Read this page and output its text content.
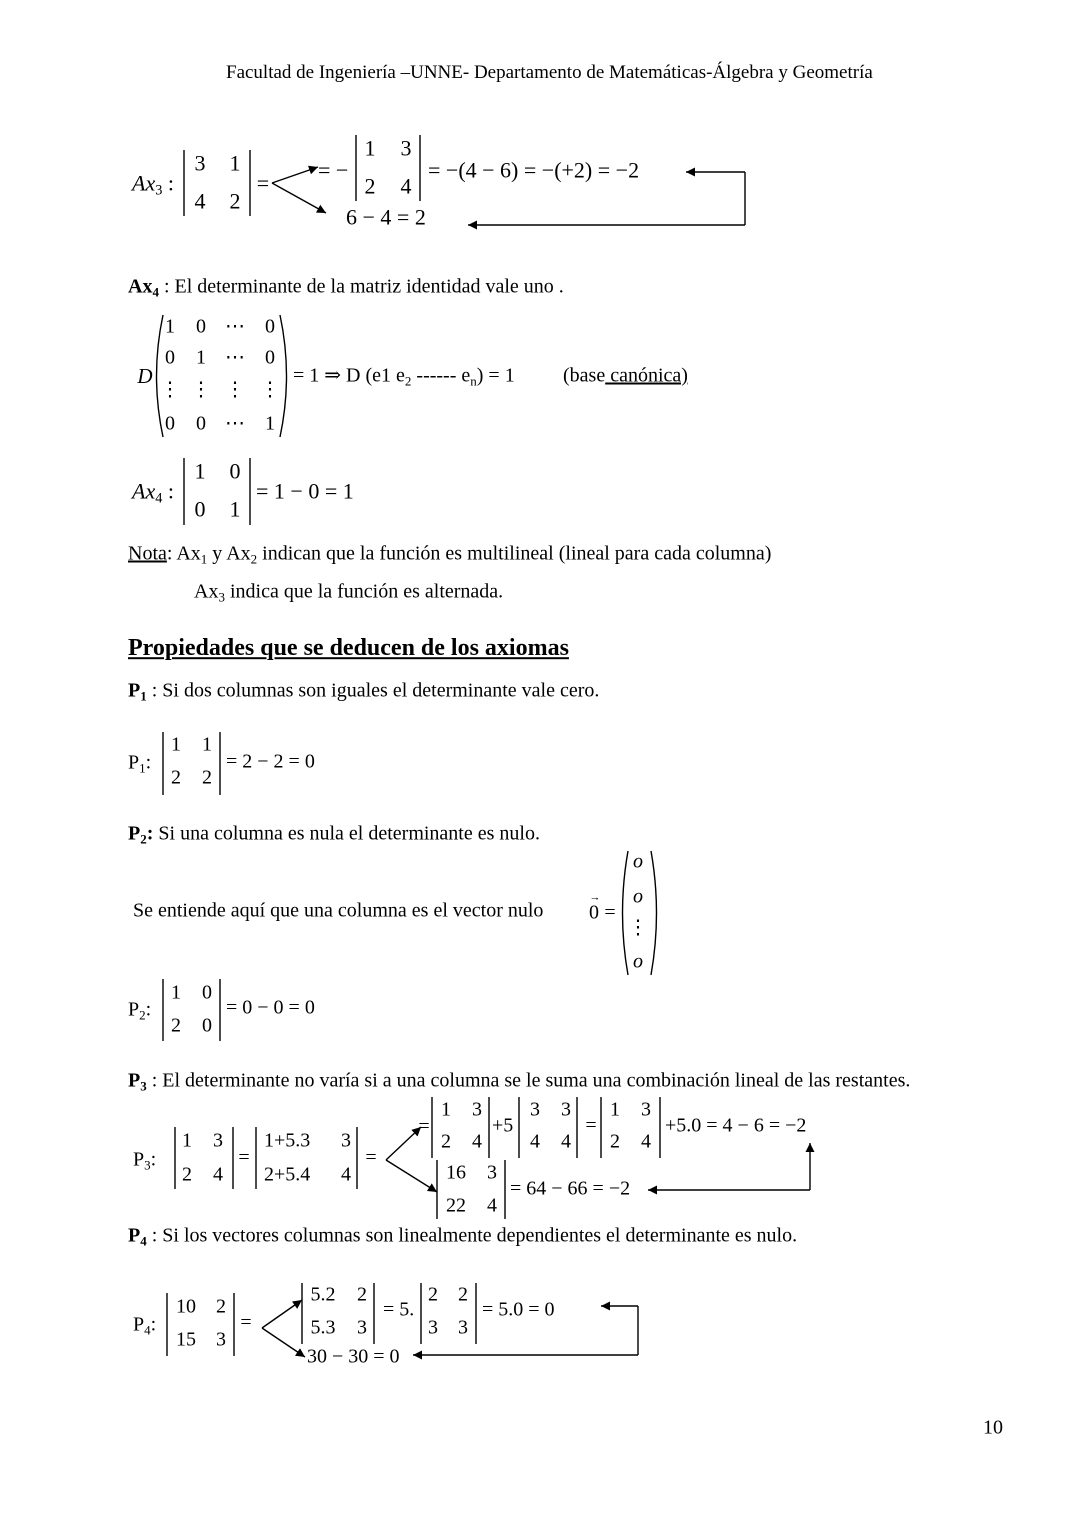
Facultad de Ingeniería –UNNE- Departamento de Matemáticas-Álgebra y Geometría
$Ax_3$ :
3 1
4 2
=
= −
1 3
2 4
= −(4 − 6) = −(+2) = −2
6 − 4 = 2
$Ax_4$ : El determinante de la matriz identidad vale uno .
D
1 0 ⋯ 0
0 1 ⋯ 0
⋮ ⋮ ⋮ ⋮
0 0 ⋯ 1
= 1 ⇒ D (e1 $e_2$ ------ $e_n) = 1$ (base canónica)
$Ax_4$ :
1 0
0 1
= 1 − 0 = 1
Nota: $Ax_1$ y $Ax_2$ indican que la función es multilineal (lineal para cada columna)
$Ax_3$ indica que la función es alternada.
Propiedades que se deducen de los axiomas
$P_1$ : Si dos columnas son iguales el determinante vale cero.
$P_1$:
1 1
2 2
= 2 − 2 = 0
$P_2$: Si una columna es nula el determinante es nulo.
Se entiende aquí que una columna es el vector nulo 0
→
=
o
o
⋮
o
$P_2$:
1 0
2 0
= 0 − 0 = 0
$P_3$ : El determinante no varía si a una columna se le suma una combinación lineal de las restantes.
$P_3$:
1 3
2 4
=
1+5.3 3
2+5.4 4
=
=
1 3
2 4
+5
3 3
4 4
=
1 3
2 4
+5.0 = 4 − 6 = −2
16 3
22 4
= 64 − 66 = −2
$P_4$ : Si los vectores columnas son linealmente dependientes el determinante es nulo.
$P_4$:
10 2
15 3
=
5.2 2
5.3 3
= 5.
2 2
3 3
= 5.0 = 0
30 − 30 = 0
10
